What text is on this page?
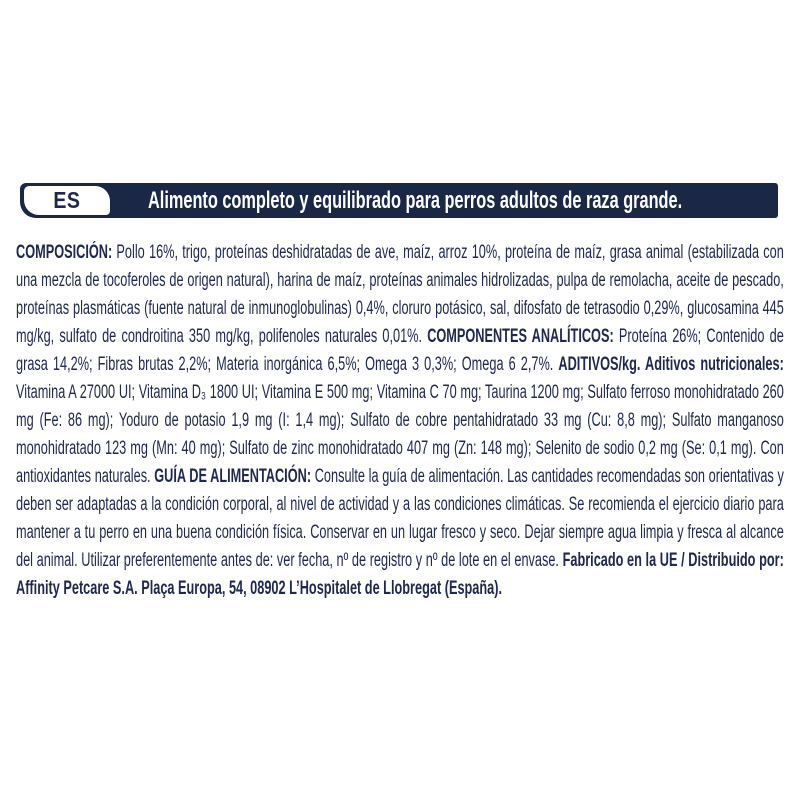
ES	Alimento completo y equilibrado para perros adultos de raza grande.

COMPOSICIÓN: Pollo 16%, trigo, proteínas deshidratadas de ave, maíz, arroz 10%, proteína de maíz, grasa animal (estabilizada con una mezcla de tocoferoles de origen natural), harina de maíz, proteínas animales hidrolizadas, pulpa de remolacha, aceite de pescado, proteínas plasmáticas (fuente natural de inmunoglobulinas) 0,4%, cloruro potásico, sal, difosfato de tetrasodio 0,29%, glucosamina 445 mg/kg, sulfato de condroitina 350 mg/kg, polifenoles naturales 0,01%. COMPONENTES ANALÍTICOS: Proteína 26%; Contenido de grasa 14,2%; Fibras brutas 2,2%; Materia inorgánica 6,5%; Omega 3 0,3%; Omega 6 2,7%. ADITIVOS/kg. Aditivos nutricionales: Vitamina A 27000 UI; Vitamina D₃ 1800 UI; Vitamina E 500 mg; Vitamina C 70 mg; Taurina 1200 mg; Sulfato ferroso monohidratado 260 mg (Fe: 86 mg); Yoduro de potasio 1,9 mg (I: 1,4 mg); Sulfato de cobre pentahidratado 33 mg (Cu: 8,8 mg); Sulfato manganoso monohidratado 123 mg (Mn: 40 mg); Sulfato de zinc monohidratado 407 mg (Zn: 148 mg); Selenito de sodio 0,2 mg (Se: 0,1 mg). Con antioxidantes naturales. GUÍA DE ALIMENTACIÓN: Consulte la guía de alimentación. Las cantidades recomendadas son orientativas y deben ser adaptadas a la condición corporal, al nivel de actividad y a las condiciones climáticas. Se recomienda el ejercicio diario para mantener a tu perro en una buena condición física. Conservar en un lugar fresco y seco. Dejar siempre agua limpia y fresca al alcance del animal. Utilizar preferentemente antes de: ver fecha, nº de registro y nº de lote en el envase. Fabricado en la UE / Distribuido por: Affinity Petcare S.A. Plaça Europa, 54, 08902 L’Hospitalet de Llobregat (España).
